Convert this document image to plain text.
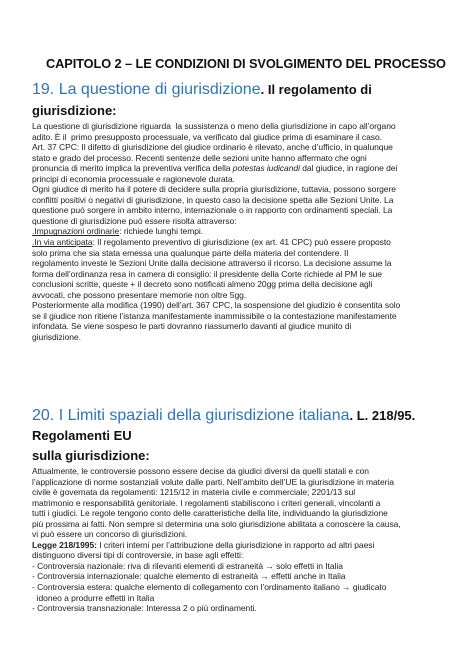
CAPITOLO 2 – LE CONDIZIONI DI SVOLGIMENTO DEL PROCESSO

19. La questione di giurisdizione. Il regolamento di giurisdizione:

La questione di giurisdizione riguarda  la sussistenza o meno della giurisdizione in capo all’organo
adito. È il  primo presupposto processuale, va verificato dal giudice prima di esaminare il caso.
Art. 37 CPC: Il difetto di giurisdizione del giudice ordinario è rilevato, anche d’ufficio, in qualunque
stato e grado del processo. Recenti sentenze delle sezioni unite hanno affermato che ogni
pronuncia di merito implica la preventiva verifica della potestas iudicandi dal giudice, in ragione dei
principi di economia processuale e ragionevole durata.
Ogni giudice di merito ha il potere di decidere sulla propria giurisdizione, tuttavia, possono sorgere
conflitti positivi o negativi di giurisdizione, in questo caso la decisione spetta alle Sezioni Unite. La
questione può sorgere in ambito interno, internazionale o in rapporto con ordinamenti speciali. La
questione di giurisdizione può essere risolta attraverso:
.Impugnazioni ordinarie: richiede lunghi tempi.
.In via anticipata: Il regolamento preventivo di giurisdizione (ex art. 41 CPC) può essere proposto
solo prima che sia stata emessa una qualunque parte della materia del contendere. Il
regolamento investe le Sezioni Unite dalla decisione attraverso il ricorso. La decisione assume la
forma dell’ordinanza resa in camera di consiglio: il presidente della Corte richiede al PM le sue
conclusioni scritte, queste + il decreto sono notificati almeno 20gg prima della decisione agli
avvocati, che possono presentare memorie non oltre 5gg.
Posteriormente alla modifica (1990) dell’art. 367 CPC, la sospensione del giudizio è consentita solo
se il giudice non ritiene l’istanza manifestamente inammissibile o la contestazione manifestamente
infondata. Se viene sospeso le parti dovranno riassumerlo davanti al giudice munito di
giurisdizione.

20. I Limiti spaziali della giurisdizione italiana. L. 218/95. Regolamenti EU
sulla giurisdizione:

Attualmente, le controversie possono essere decise da giudici diversi da quelli statali e con
l’applicazione di norme sostanziali volute dalle parti. Nell’ambito dell’UE la giurisdizione in materia
civile è governata da regolamenti: 1215/12 in materia civile e commerciale; 2201/13 sul
matrimonio e responsabilità genitoriale. I regolamenti stabiliscono i criteri generali, vincolanti a
tutti i giudici. Le regole tengono conto delle caratteristiche della lite, individuando la giurisdizione
più prossima ai fatti. Non sempre si determina una solo giurisdizione abilitata a conoscere la causa,
vi può essere un concorso di giurisdizioni.
Legge 218/1995: I criteri interni per l’attribuzione della giurisdizione in rapporto ad altri paesi
distinguono diversi tipi di controversie, in base agli effetti:
- Controversia nazionale: riva di rilevanti elementi di estraneità → solo effetti in Italia
- Controversia internazionale: qualche elemento di estraneità → effetti anche in Italia
- Controversia estera: qualche elemento di collegamento con l’ordinamento italiano → giudicato
idoneo a produrre effetti in Italia
- Controversia transnazionale: Interessa 2 o più ordinamenti.
